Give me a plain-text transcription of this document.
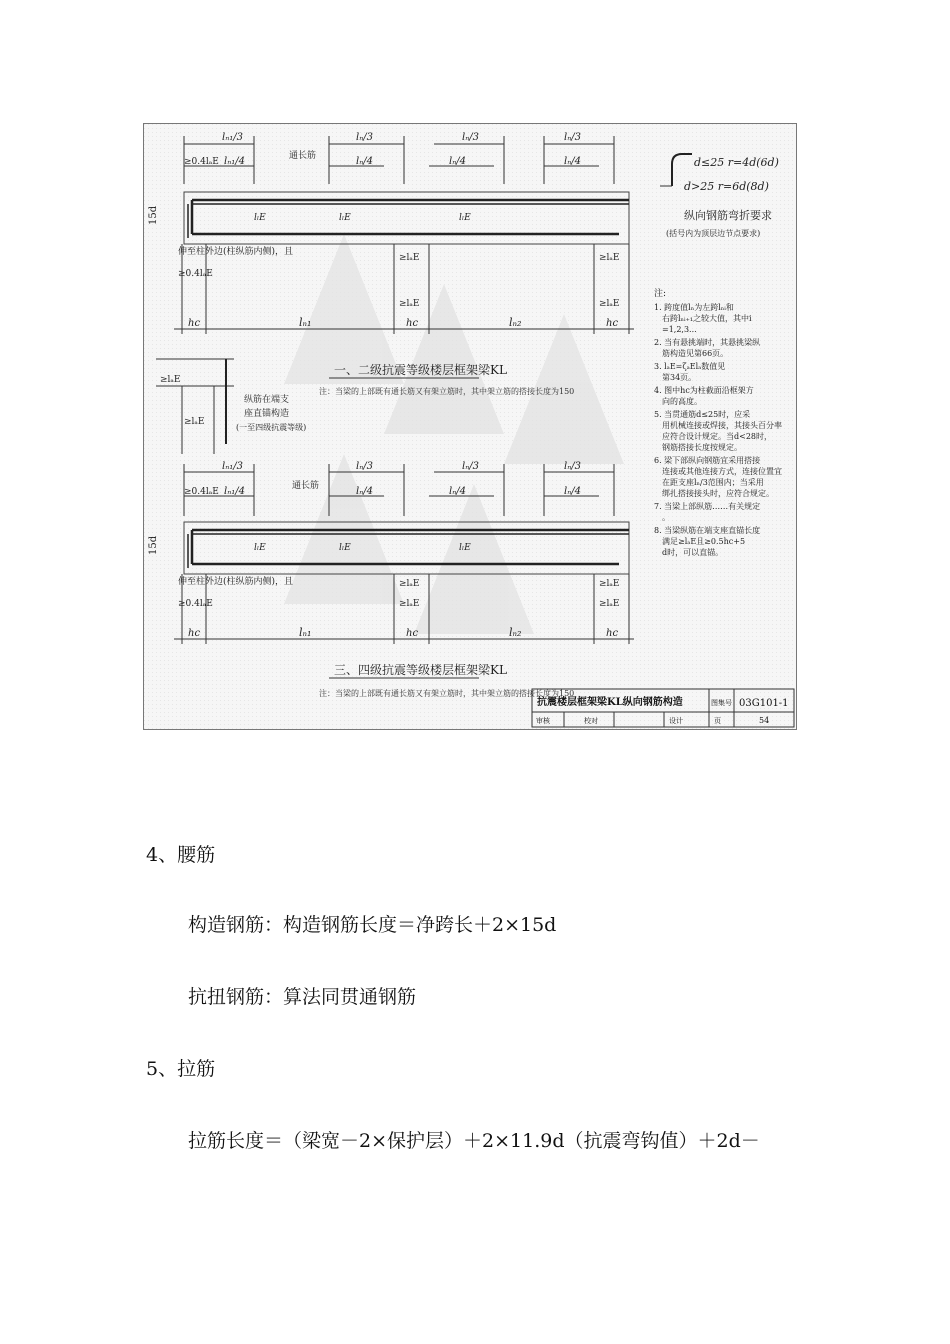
lₙ₁/3	lₙ/3	lₙ/3	lₙ/3
≥0.4lₐE lₙ₁/4	通长筋	lₙ/4	lₙ/4	lₙ/4
15d	lₗE	lₗE	lₗE
伸至柱外边(柱纵筋内侧)，且
≥0.4lₐE
≥lₐE
≥lₐE
≥lₐE
≥lₐE
hc	lₙ₁	hc	lₙ₂	hc
一、二级抗震等级楼层框架梁KL
注：当梁的上部既有通长筋又有架立筋时，其中架立筋的搭接长度为150
≥lₐE
纵筋在端支
座直锚构造
(一至四级抗震等级)
≥lₐE
lₙ₁/3	lₙ/3	lₙ/3	lₙ/3
≥0.4lₐE lₙ₁/4	通长筋	lₙ/4	lₙ/4	lₙ/4
15d	lₗE	lₗE	lₗE
伸至柱外边(柱纵筋内侧)，且
≥0.4lₐE
≥lₐE
≥lₐE
≥lₐE
≥lₐE
hc	lₙ₁	hc	lₙ₂	hc
三、四级抗震等级楼层框架梁KL
注：当梁的上部既有通长筋又有架立筋时，其中架立筋的搭接长度为150
d≤25 r=4d(6d)
d>25 r=6d(8d)
纵向钢筋弯折要求
(括号内为顶层边节点要求)
注:
1. 跨度值lₙ为左跨lₙᵢ和右跨lₙᵢ₊₁之较大值，其中i =1,2,3...
2. 当有悬挑端时，其悬挑梁纵筋构造见第66页。
3. lₐE=ζₐElₐ数值见第34页。
4. 图中hc为柱截面沿框架方向的高度。
5. 当贯通筋d≤25时，应采用机械连接或焊接，其接头百分率应符合设计规定。当d<28时，钢筋搭接长度按规定。
6. 梁下部纵向钢筋宜采用搭接连接或其他连接方式，连接位置宜在距支座lₙ/3范围内；当采用绑扎搭接接头时，应符合规定。
7. 当梁上部纵筋……有关规定。
8. 当梁纵筋在端支座直锚长度满足≥lₐE且≥0.5hc+5 d时，可以直锚。
抗震楼层框架梁KL纵向钢筋构造	图集号 03G101-1
审核	校对	设计	页	54
4、腰筋
构造钢筋：构造钢筋长度＝净跨长＋2×15d
抗扭钢筋：算法同贯通钢筋
5、拉筋
拉筋长度＝（梁宽－2×保护层）＋2×11.9d（抗震弯钩值）＋2d－
